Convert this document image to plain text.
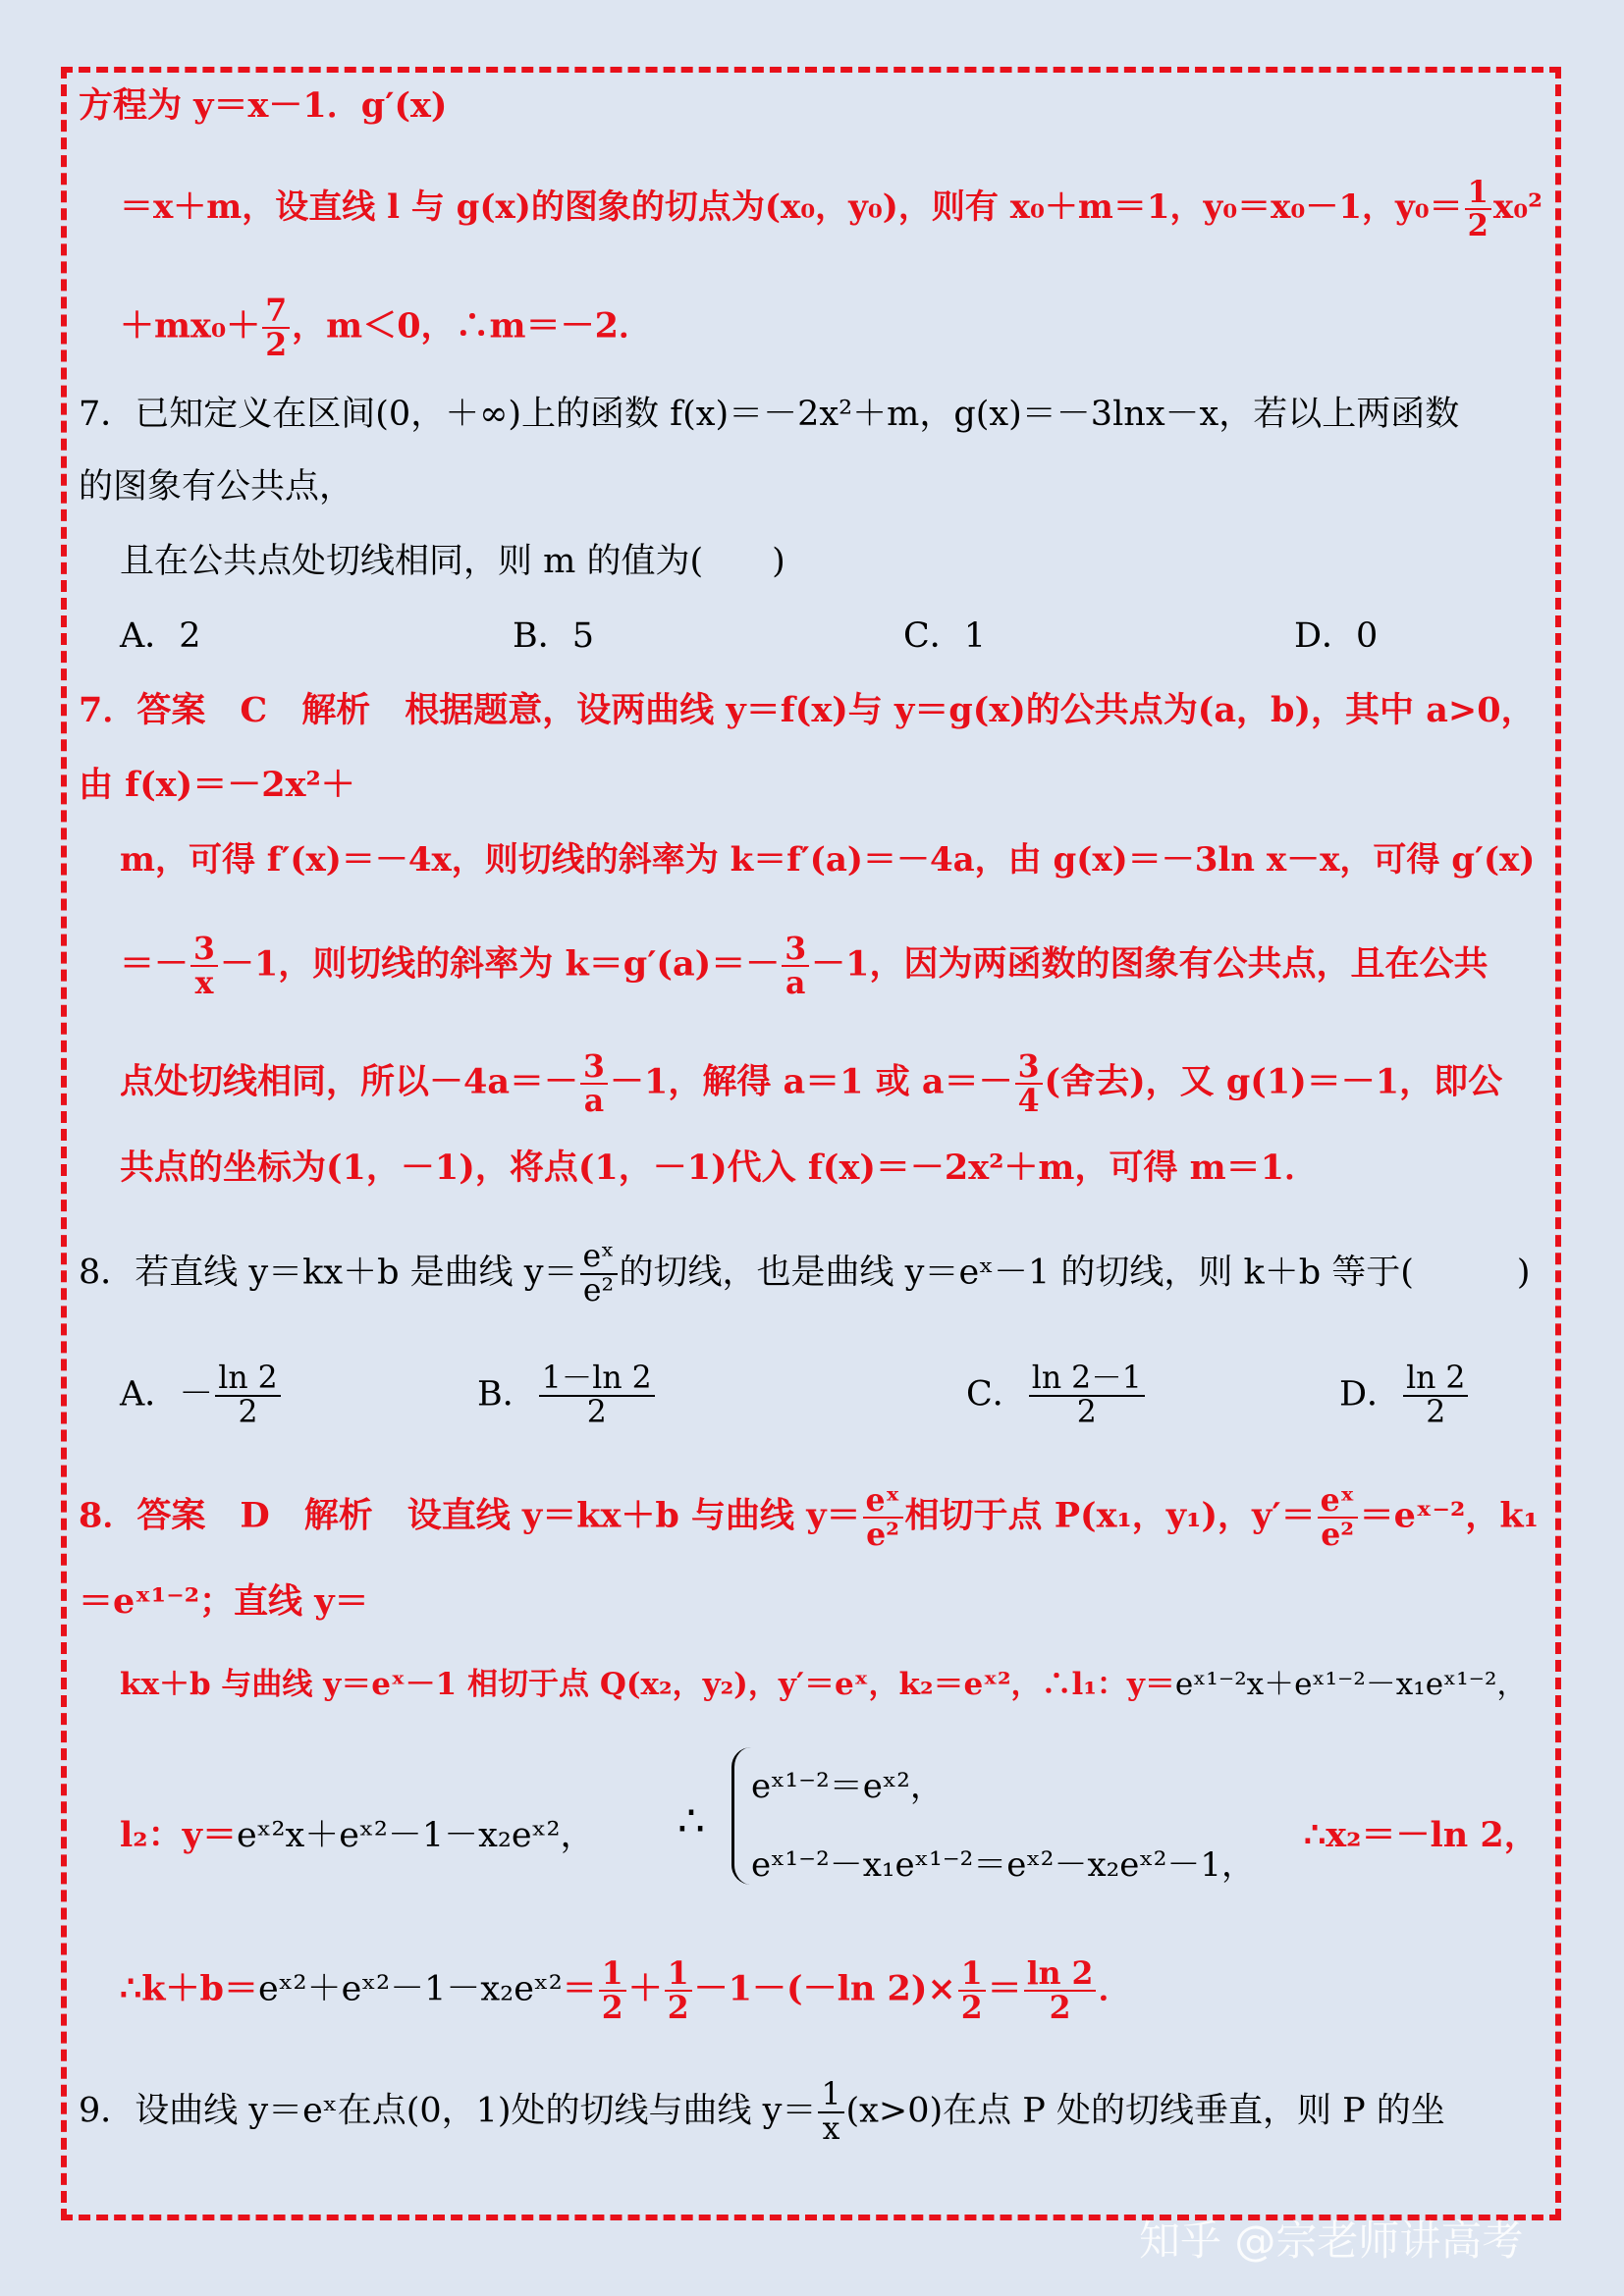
方程为 y＝x－1．g′(x)
＝x＋m，设直线 l 与 g(x)的图象的切点为(x₀，y₀)，则有 x₀＋m＝1，y₀＝x₀－1，$y_0= \frac{1}{2} x_0^2$
$+mx_0+ \frac{7}{2}$ ，m＜0，∴m＝－2．
7．已知定义在区间(0，＋∞)上的函数 f(x)＝－2x²＋m，g(x)＝－3lnx－x，若以上两函数
的图象有公共点，
且在公共点处切线相同，则 m 的值为(　　)
A．2	B．5	C．1	D．0
7．答案　C　解析　根据题意，设两曲线 y＝f(x)与 y＝g(x)的公共点为(a，b)，其中 a>0，
由 f(x)＝－2x²＋
m，可得 f′(x)＝－4x，则切线的斜率为 k＝f′(a)＝－4a，由 g(x)＝－3ln x－x，可得 g′(x)
＝－ $\frac{3}{x} -1$，则切线的斜率为 $k=g'(a)=- \frac{3}{a} -1$，因为两函数的图象有公共点，且在公共
点处切线相同，所以$-4a=- \frac{3}{a} -1$，解得 a＝1 或 $a=- \frac{3}{4}$ (舍去)，又 g(1)＝－1，即公
共点的坐标为(1，－1)，将点(1，－1)代入 f(x)＝－2x²＋m，可得 m＝1．
8．若直线 y＝kx＋b 是曲线 $y= \frac{\text{eˣ}}{\text{e²}}$ 的切线，也是曲线 y＝eˣ－1 的切线，则 k＋b 等于(　　　)
A．－ $\frac{\ln 2}{2}$	B． $\frac{1-\ln 2}{2}$	C． $\frac{\ln 2-1}{2}$	D． $\frac{\ln 2}{2}$
8．答案　D　解析　设直线 y＝kx＋b 与曲线 $y= \frac{\text{eˣ}}{\text{e²}}$ 相切于点 P(x₁，y₁)，$y'= \frac{\text{eˣ}}{\text{e²}}$ ＝eˣ⁻²，k₁
＝eˣ¹⁻²；直线 y＝
kx＋b 与曲线 y＝eˣ－1 相切于点 Q(x₂，y₂)，y′＝eˣ，k₂＝eˣ²，∴l₁：y＝eˣ¹⁻²x＋eˣ¹⁻²－x₁eˣ¹⁻²，
l₂：y＝eˣ²x＋eˣ²－1－x₂eˣ²，	∴
eˣ¹⁻²＝eˣ²，
eˣ¹⁻²－x₁eˣ¹⁻²＝eˣ²－x₂eˣ²－1，
∴x₂＝－ln 2，
∴k＋b＝eˣ²＋eˣ²－1－x₂eˣ²＝ $\frac{1}{2} + \frac{1}{2} -1-(-\ln$ $2)\times \frac{1}{2} = \frac{\ln 2}{2}$ ．
9．设曲线 y＝eˣ在点(0，1)处的切线与曲线 $y= \frac{1}{x} (x>0)$在点 P 处的切线垂直，则 P 的坐
知乎 @宗老师讲高考
